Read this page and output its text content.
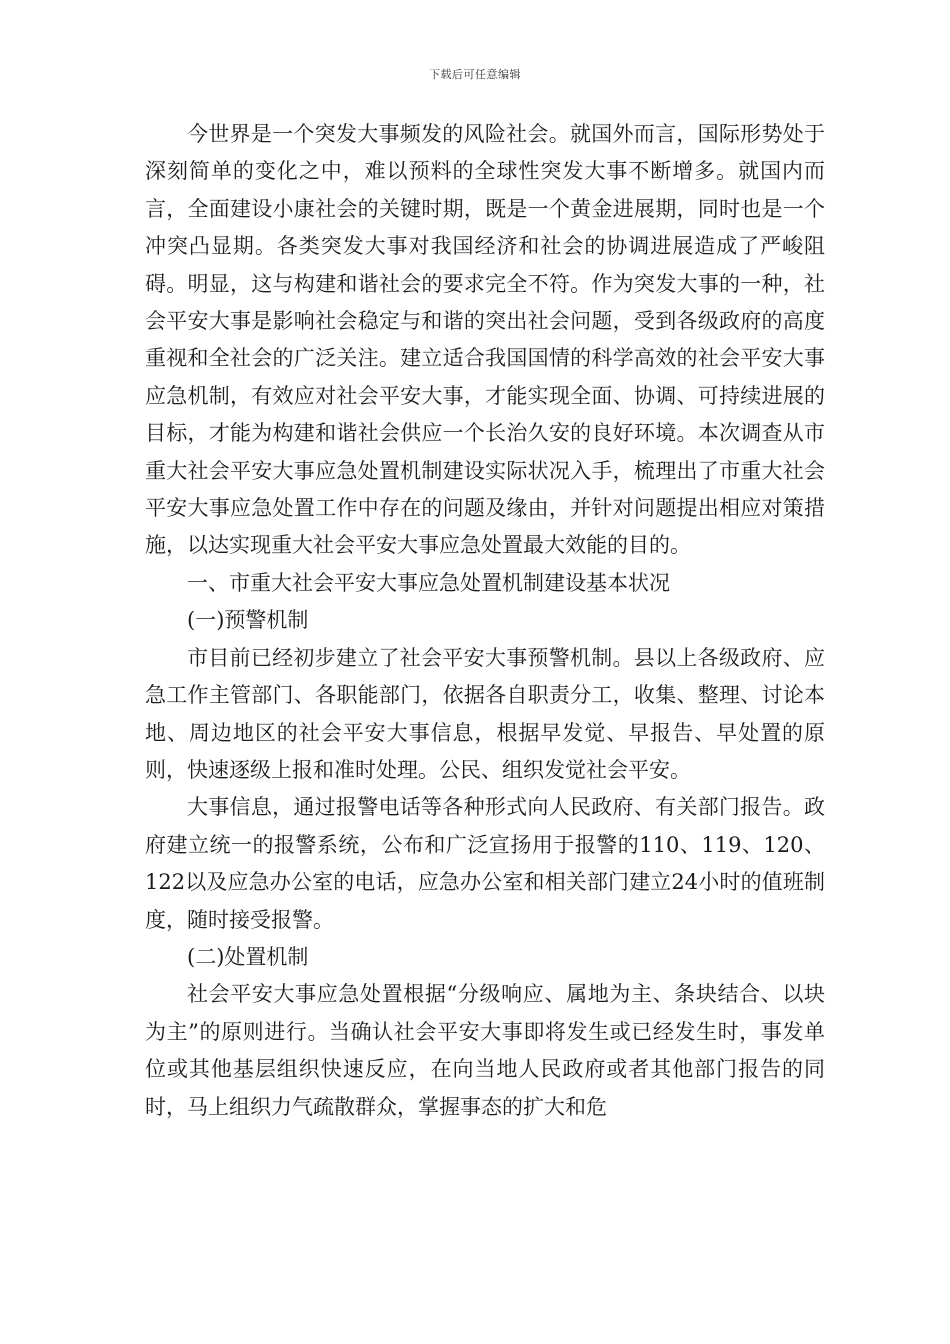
下载后可任意编辑

今世界是一个突发大事频发的风险社会。就国外而言，国际形势处于深刻简单的变化之中，难以预料的全球性突发大事不断增多。就国内而言，全面建设小康社会的关键时期，既是一个黄金进展期，同时也是一个冲突凸显期。各类突发大事对我国经济和社会的协调进展造成了严峻阻碍。明显，这与构建和谐社会的要求完全不符。作为突发大事的一种，社会平安大事是影响社会稳定与和谐的突出社会问题，受到各级政府的高度重视和全社会的广泛关注。建立适合我国国情的科学高效的社会平安大事应急机制，有效应对社会平安大事，才能实现全面、协调、可持续进展的目标，才能为构建和谐社会供应一个长治久安的良好环境。本次调查从市重大社会平安大事应急处置机制建设实际状况入手，梳理出了市重大社会平安大事应急处置工作中存在的问题及缘由，并针对问题提出相应对策措施，以达实现重大社会平安大事应急处置最大效能的目的。

一、市重大社会平安大事应急处置机制建设基本状况

(一)预警机制

市目前已经初步建立了社会平安大事预警机制。县以上各级政府、应急工作主管部门、各职能部门，依据各自职责分工，收集、整理、讨论本地、周边地区的社会平安大事信息，根据早发觉、早报告、早处置的原则，快速逐级上报和准时处理。公民、组织发觉社会平安。

大事信息，通过报警电话等各种形式向人民政府、有关部门报告。政府建立统一的报警系统，公布和广泛宣扬用于报警的110、119、120、122以及应急办公室的电话，应急办公室和相关部门建立24小时的值班制度，随时接受报警。

(二)处置机制

社会平安大事应急处置根据“分级响应、属地为主、条块结合、以块为主”的原则进行。当确认社会平安大事即将发生或已经发生时，事发单位或其他基层组织快速反应，在向当地人民政府或者其他部门报告的同时，马上组织力气疏散群众，掌握事态的扩大和危
